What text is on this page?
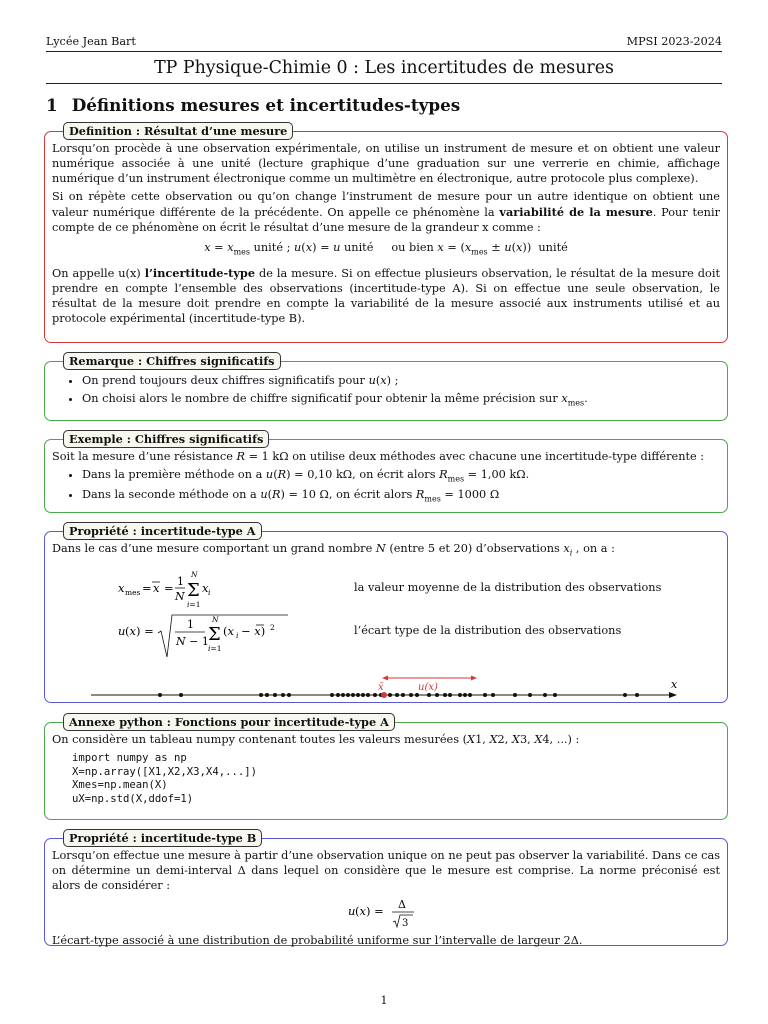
Lycée Jean Bart	MPSI 2023-2024
TP Physique-Chimie 0 : Les incertitudes de mesures
1 Définitions mesures et incertitudes-types
Definition : Résultat d’une mesure

Lorsqu’on procède à une observation expérimentale, on utilise un instrument de mesure et on obtient une valeur numérique associée à une unité (lecture graphique d’une graduation sur une verrerie en chimie, affichage numérique d’un instrument électronique comme un multimètre en électronique, autre protocole plus complexe).

Si on répète cette observation ou qu’on change l’instrument de mesure pour un autre identique on obtient une valeur numérique différente de la précédente. On appelle ce phénomène la variabilité de la mesure. Pour tenir compte de ce phénomène on écrit le résultat d’une mesure de la grandeur x comme :

$x = x_{mes}$ unité ; u(x) = u unité     ou bien $x = (x_{mes} \pm u(x))$  unité

On appelle u(x) l’incertitude-type de la mesure. Si on effectue plusieurs observation, le résultat de la mesure doit prendre en compte l’ensemble des observations (incertitude-type A). Si on effectue une seule observation, le résultat de la mesure doit prendre en compte la variabilité de la mesure associé aux instruments utilisé et au protocole expérimental (incertitude-type B).

Remarque : Chiffres significatifs
• On prend toujours deux chiffres significatifs pour u(x) ;
• On choisi alors le nombre de chiffre significatif pour obtenir la même précision sur $x_{mes}$.
Exemple : Chiffres significatifs

Soit la mesure d’une résistance R = 1 kΩ on utilise deux méthodes avec chacune une incertitude-type différente :

• Dans la première méthode on a u(R) = 0,10 kΩ, on écrit alors $R_{mes} = 1,00$ kΩ.
• Dans la seconde méthode on a u(R) = 10 Ω, on écrit alors $R_{mes} = 1000$ Ω
Propriété : incertitude-type A

Dans le cas d’une mesure comportant un grand nombre N (entre 5 et 20) d’observations $x_i$ , on a :

x mes = x = 1
N Σ
N
i=1
x i	la valeur moyenne de la distribution des observations
u (x) =	1
N − 1 Σ
N
i=1
(x i − x) 2	l’écart type de la distribution des observations
x
x̄	u(x)
Annexe python : Fonctions pour incertitude-type A

On considère un tableau numpy contenant toutes les valeurs mesurées (X1, X2, X3, X4, ...) :

import numpy as np
X=np.array([X1,X2,X3,X4,...])
Xmes=np.mean(X)
uX=np.std(X,ddof=1)
Propriété : incertitude-type B

Lorsqu’on effectue une mesure à partir d’une observation unique on ne peut pas observer la variabilité. Dans ce cas on détermine un demi-interval Δ dans lequel on considère que le mesure est comprise. La norme préconisé est alors de considérer :

u (x) = Δ
3

L’écart-type associé à une distribution de probabilité uniforme sur l’intervalle de largeur 2Δ.

1
